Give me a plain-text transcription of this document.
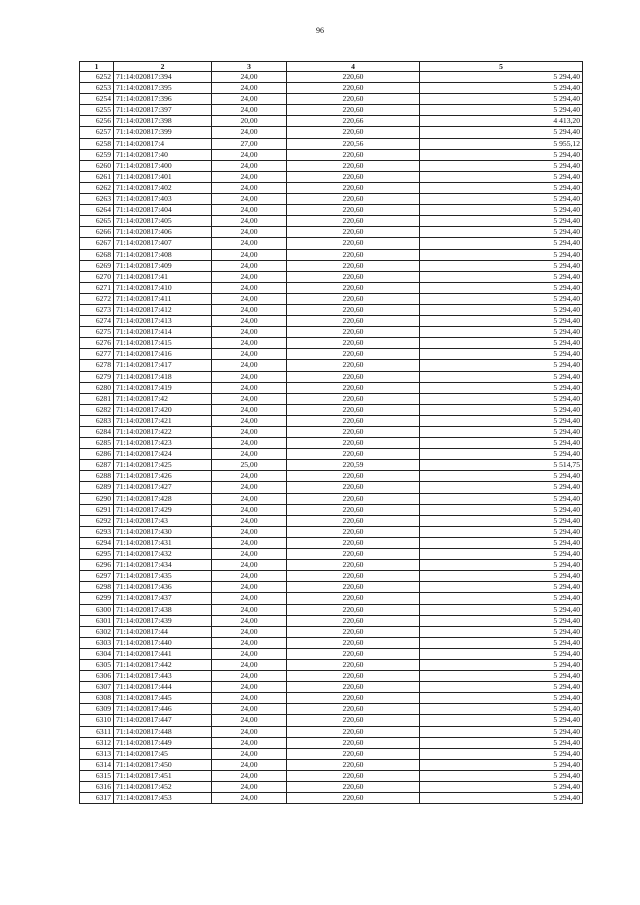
96
1	2	3	4	5
6252	71:14:020817:394	24,00	220,60	5 294,40
6253	71:14:020817:395	24,00	220,60	5 294,40
6254	71:14:020817:396	24,00	220,60	5 294,40
6255	71:14:020817:397	24,00	220,60	5 294,40
6256	71:14:020817:398	20,00	220,66	4 413,20
6257	71:14:020817:399	24,00	220,60	5 294,40
6258	71:14:020817:4	27,00	220,56	5 955,12
6259	71:14:020817:40	24,00	220,60	5 294,40
6260	71:14:020817:400	24,00	220,60	5 294,40
6261	71:14:020817:401	24,00	220,60	5 294,40
6262	71:14:020817:402	24,00	220,60	5 294,40
6263	71:14:020817:403	24,00	220,60	5 294,40
6264	71:14:020817:404	24,00	220,60	5 294,40
6265	71:14:020817:405	24,00	220,60	5 294,40
6266	71:14:020817:406	24,00	220,60	5 294,40
6267	71:14:020817:407	24,00	220,60	5 294,40
6268	71:14:020817:408	24,00	220,60	5 294,40
6269	71:14:020817:409	24,00	220,60	5 294,40
6270	71:14:020817:41	24,00	220,60	5 294,40
6271	71:14:020817:410	24,00	220,60	5 294,40
6272	71:14:020817:411	24,00	220,60	5 294,40
6273	71:14:020817:412	24,00	220,60	5 294,40
6274	71:14:020817:413	24,00	220,60	5 294,40
6275	71:14:020817:414	24,00	220,60	5 294,40
6276	71:14:020817:415	24,00	220,60	5 294,40
6277	71:14:020817:416	24,00	220,60	5 294,40
6278	71:14:020817:417	24,00	220,60	5 294,40
6279	71:14:020817:418	24,00	220,60	5 294,40
6280	71:14:020817:419	24,00	220,60	5 294,40
6281	71:14:020817:42	24,00	220,60	5 294,40
6282	71:14:020817:420	24,00	220,60	5 294,40
6283	71:14:020817:421	24,00	220,60	5 294,40
6284	71:14:020817:422	24,00	220,60	5 294,40
6285	71:14:020817:423	24,00	220,60	5 294,40
6286	71:14:020817:424	24,00	220,60	5 294,40
6287	71:14:020817:425	25,00	220,59	5 514,75
6288	71:14:020817:426	24,00	220,60	5 294,40
6289	71:14:020817:427	24,00	220,60	5 294,40
6290	71:14:020817:428	24,00	220,60	5 294,40
6291	71:14:020817:429	24,00	220,60	5 294,40
6292	71:14:020817:43	24,00	220,60	5 294,40
6293	71:14:020817:430	24,00	220,60	5 294,40
6294	71:14:020817:431	24,00	220,60	5 294,40
6295	71:14:020817:432	24,00	220,60	5 294,40
6296	71:14:020817:434	24,00	220,60	5 294,40
6297	71:14:020817:435	24,00	220,60	5 294,40
6298	71:14:020817:436	24,00	220,60	5 294,40
6299	71:14:020817:437	24,00	220,60	5 294,40
6300	71:14:020817:438	24,00	220,60	5 294,40
6301	71:14:020817:439	24,00	220,60	5 294,40
6302	71:14:020817:44	24,00	220,60	5 294,40
6303	71:14:020817:440	24,00	220,60	5 294,40
6304	71:14:020817:441	24,00	220,60	5 294,40
6305	71:14:020817:442	24,00	220,60	5 294,40
6306	71:14:020817:443	24,00	220,60	5 294,40
6307	71:14:020817:444	24,00	220,60	5 294,40
6308	71:14:020817:445	24,00	220,60	5 294,40
6309	71:14:020817:446	24,00	220,60	5 294,40
6310	71:14:020817:447	24,00	220,60	5 294,40
6311	71:14:020817:448	24,00	220,60	5 294,40
6312	71:14:020817:449	24,00	220,60	5 294,40
6313	71:14:020817:45	24,00	220,60	5 294,40
6314	71:14:020817:450	24,00	220,60	5 294,40
6315	71:14:020817:451	24,00	220,60	5 294,40
6316	71:14:020817:452	24,00	220,60	5 294,40
6317	71:14:020817:453	24,00	220,60	5 294,40
